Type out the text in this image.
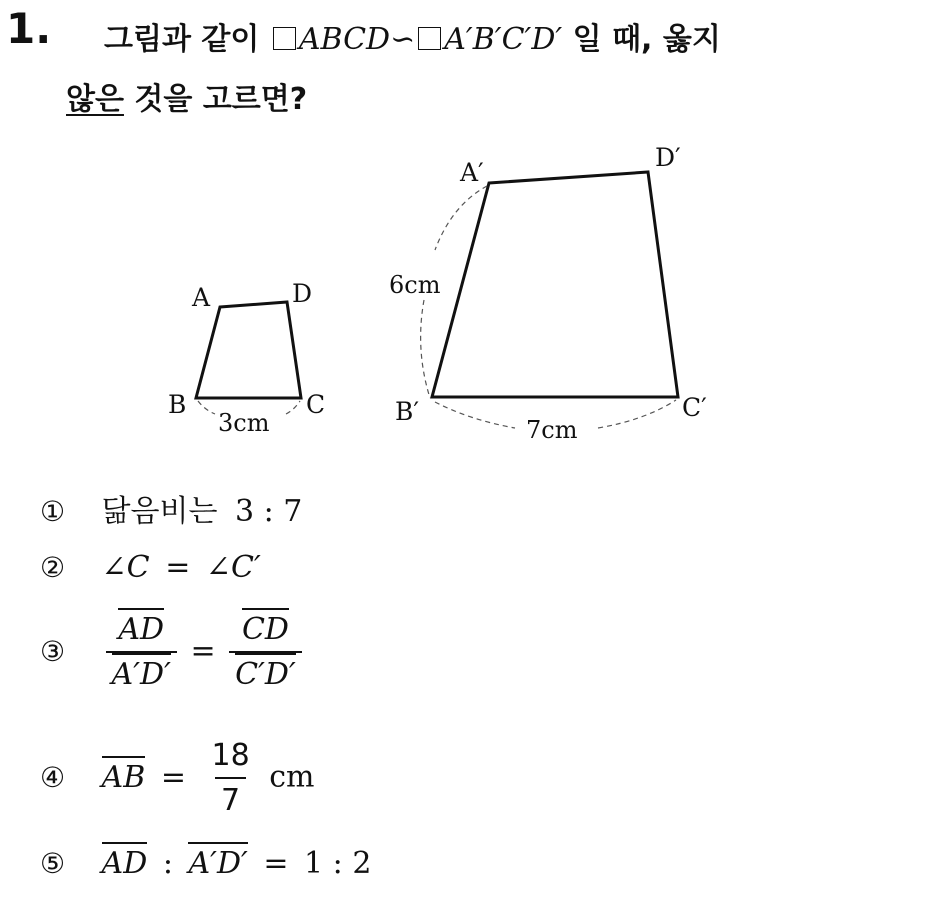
1. 그림과 같이 ABCD∽ A′B′C′D′ 일 때, 옳지
않은 것을 고르면?
A	D
B	C
3cm
A′
D′
B′	C′
6cm
7cm
① 닮음비는 3 : 7
② ∠C = ∠C′
③ $\frac{AD}{A'D'} = \frac{CD}{C'D'}$
④ AB = $\frac{18}{7}$ cm
⑤ AD : A′D′ = 1 : 2
